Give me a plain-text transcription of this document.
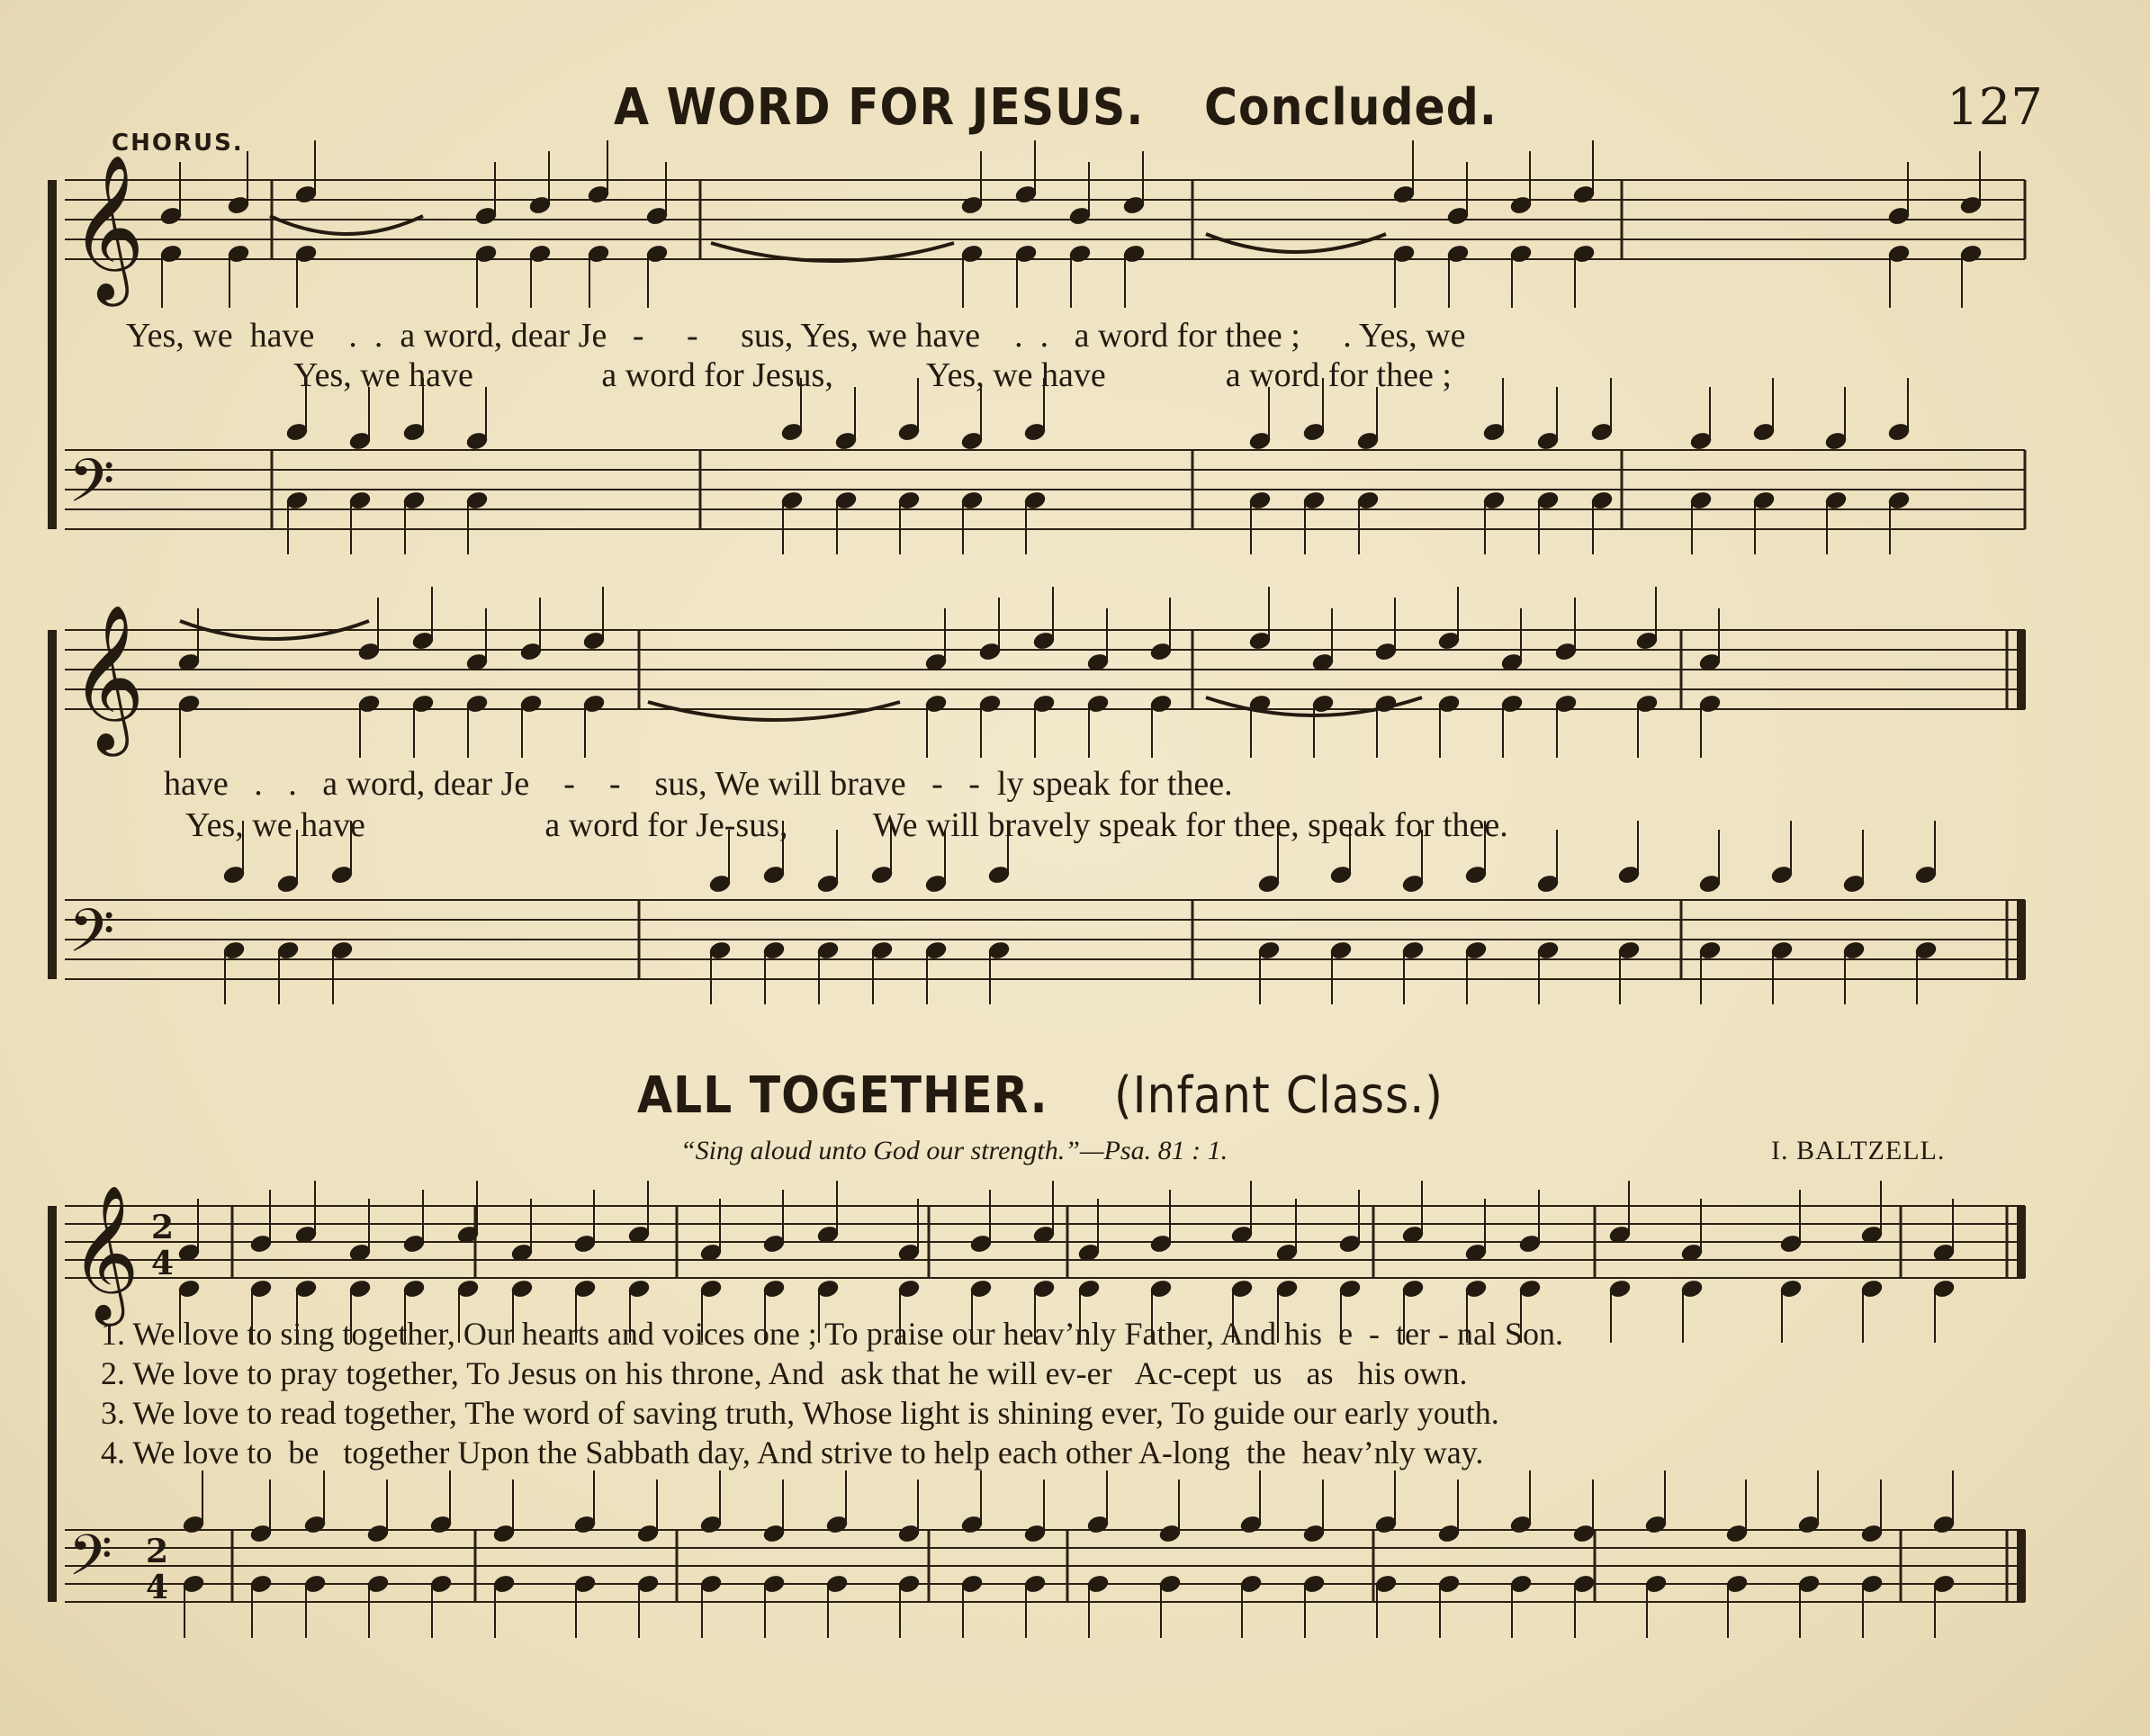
A WORD FOR JESUS. Concluded.	127
CHORUS.
𝄞
𝄢
𝄞
𝄢
𝄞
𝄢
2
4
2
4
Yes, we  have    .  .  a word, dear Je   -     -     sus, Yes, we have    .  .   a word for thee ;     . Yes, we
Yes, we have               a word for Jesus,           Yes, we have              a word for thee ;
have   .   .   a word, dear Je    -    -    sus, We will brave   -   -  ly speak for thee.
Yes, we have                     a word for Je-sus,          We will bravely speak for thee, speak for thee.
ALL TOGETHER. (Infant Class.)
“Sing aloud unto God our strength.”—Psa. 81 : 1.	I. BALTZELL.
1. We love to sing together, Our hearts and voices one ; To praise our heav’nly Father, And his  e  -  ter - nal Son.
2. We love to pray together, To Jesus on his throne, And  ask that he will ev-er   Ac-cept  us   as   his own.
3. We love to read together, The word of saving truth, Whose light is shining ever, To guide our early youth.
4. We love to  be   together Upon the Sabbath day, And strive to help each other A-long  the  heav’nly way.
